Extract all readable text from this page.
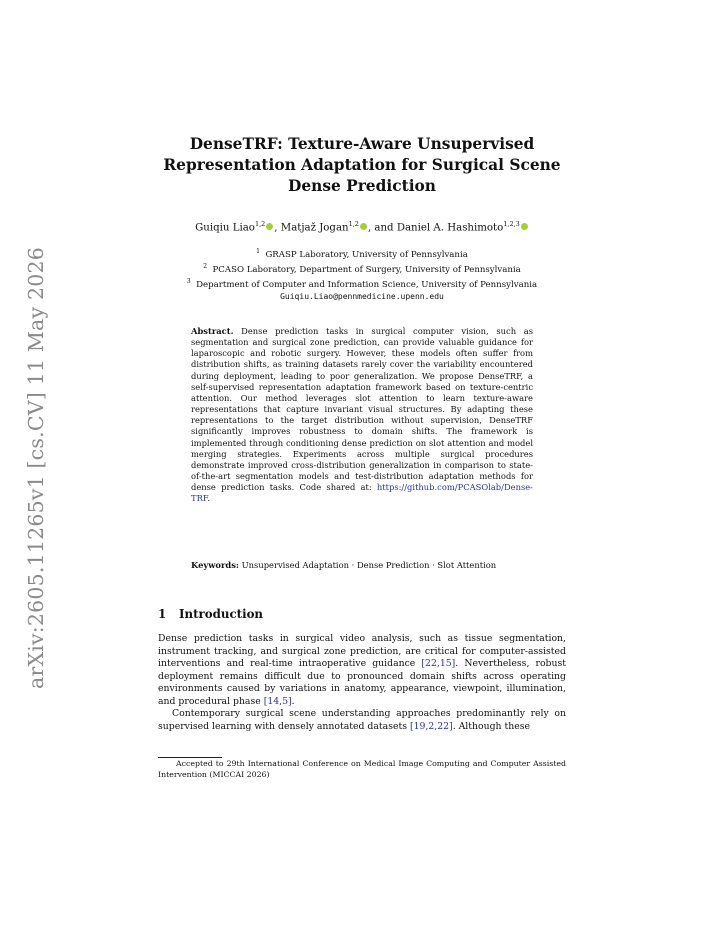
arXiv:2605.11265v1 [cs.CV] 11 May 2026
DenseTRF: Texture-Aware Unsupervised
Representation Adaptation for Surgical Scene
Dense Prediction
Guiqiu Liao$^{1,2}$ , Matjaž Jogan$^{1,2}$ , and Daniel A. Hashimoto$^{1,2,3}$
$^1$ GRASP Laboratory, University of Pennsylvania
$^2$ PCASO Laboratory, Department of Surgery, University of Pennsylvania
$^3$ Department of Computer and Information Science, University of Pennsylvania
Guiqiu.Liao@pennmedicine.upenn.edu
Abstract. Dense prediction tasks in surgical computer vision, such as segmentation and surgical zone prediction, can provide valuable guidance for laparoscopic and robotic surgery. However, these models often suffer from distribution shifts, as training datasets rarely cover the variability encountered during deployment, leading to poor generalization. We propose DenseTRF, a self-supervised representation adaptation framework based on texture-centric attention. Our method leverages slot attention to learn texture-aware representations that capture invariant visual structures. By adapting these representations to the target distribution without supervision, DenseTRF significantly improves robustness to domain shifts. The framework is implemented through conditioning dense prediction on slot attention and model merging strategies. Experiments across multiple surgical procedures demonstrate improved cross-distribution generalization in comparison to state-of-the-art segmentation models and test-distribution adaptation methods for dense prediction tasks. Code shared at: https://github.com/PCASOlab/Dense-TRF.
Keywords: Unsupervised Adaptation · Dense Prediction · Slot Attention
1 Introduction

Dense prediction tasks in surgical video analysis, such as tissue segmentation, instrument tracking, and surgical zone prediction, are critical for computer-assisted interventions and real-time intraoperative guidance [22,15]. Nevertheless, robust deployment remains difficult due to pronounced domain shifts across operating environments caused by variations in anatomy, appearance, viewpoint, illumination, and procedural phase [14,5].

Contemporary surgical scene understanding approaches predominantly rely on supervised learning with densely annotated datasets [19,2,22]. Although these

Accepted to 29th International Conference on Medical Image Computing and Computer Assisted Intervention (MICCAI 2026)
